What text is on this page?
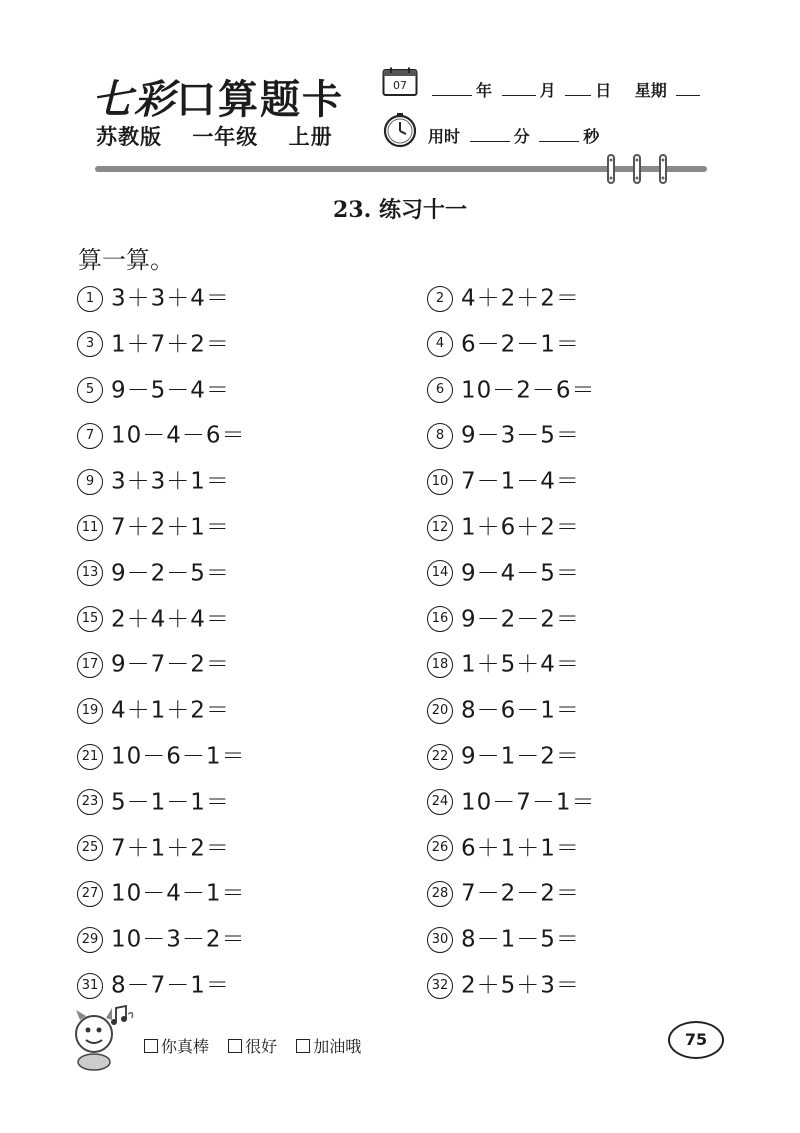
七彩口算题卡
苏教版 一年级 上册
07	年	月 日 星期
用时	分	秒
23. 练习十一
算一算。
1 3＋3＋4＝	2 4＋2＋2＝
3 1＋7＋2＝	4 6－2－1＝
5 9－5－4＝	6 10－2－6＝
7 10－4－6＝	8 9－3－5＝
9 3＋3＋1＝	10 7－1－4＝
11 7＋2＋1＝	12 1＋6＋2＝
13 9－2－5＝	14 9－4－5＝
15 2＋4＋4＝	16 9－2－2＝
17 9－7－2＝	18 1＋5＋4＝
19 4＋1＋2＝	20 8－6－1＝
21 10－6－1＝	22 9－1－2＝
23 5－1－1＝	24 10－7－1＝
25 7＋1＋2＝	26 6＋1＋1＝
27 10－4－1＝	28 7－2－2＝
29 10－3－2＝	30 8－1－5＝
31 8－7－1＝	32 2＋5＋3＝
你真棒
很好
加油哦	75
